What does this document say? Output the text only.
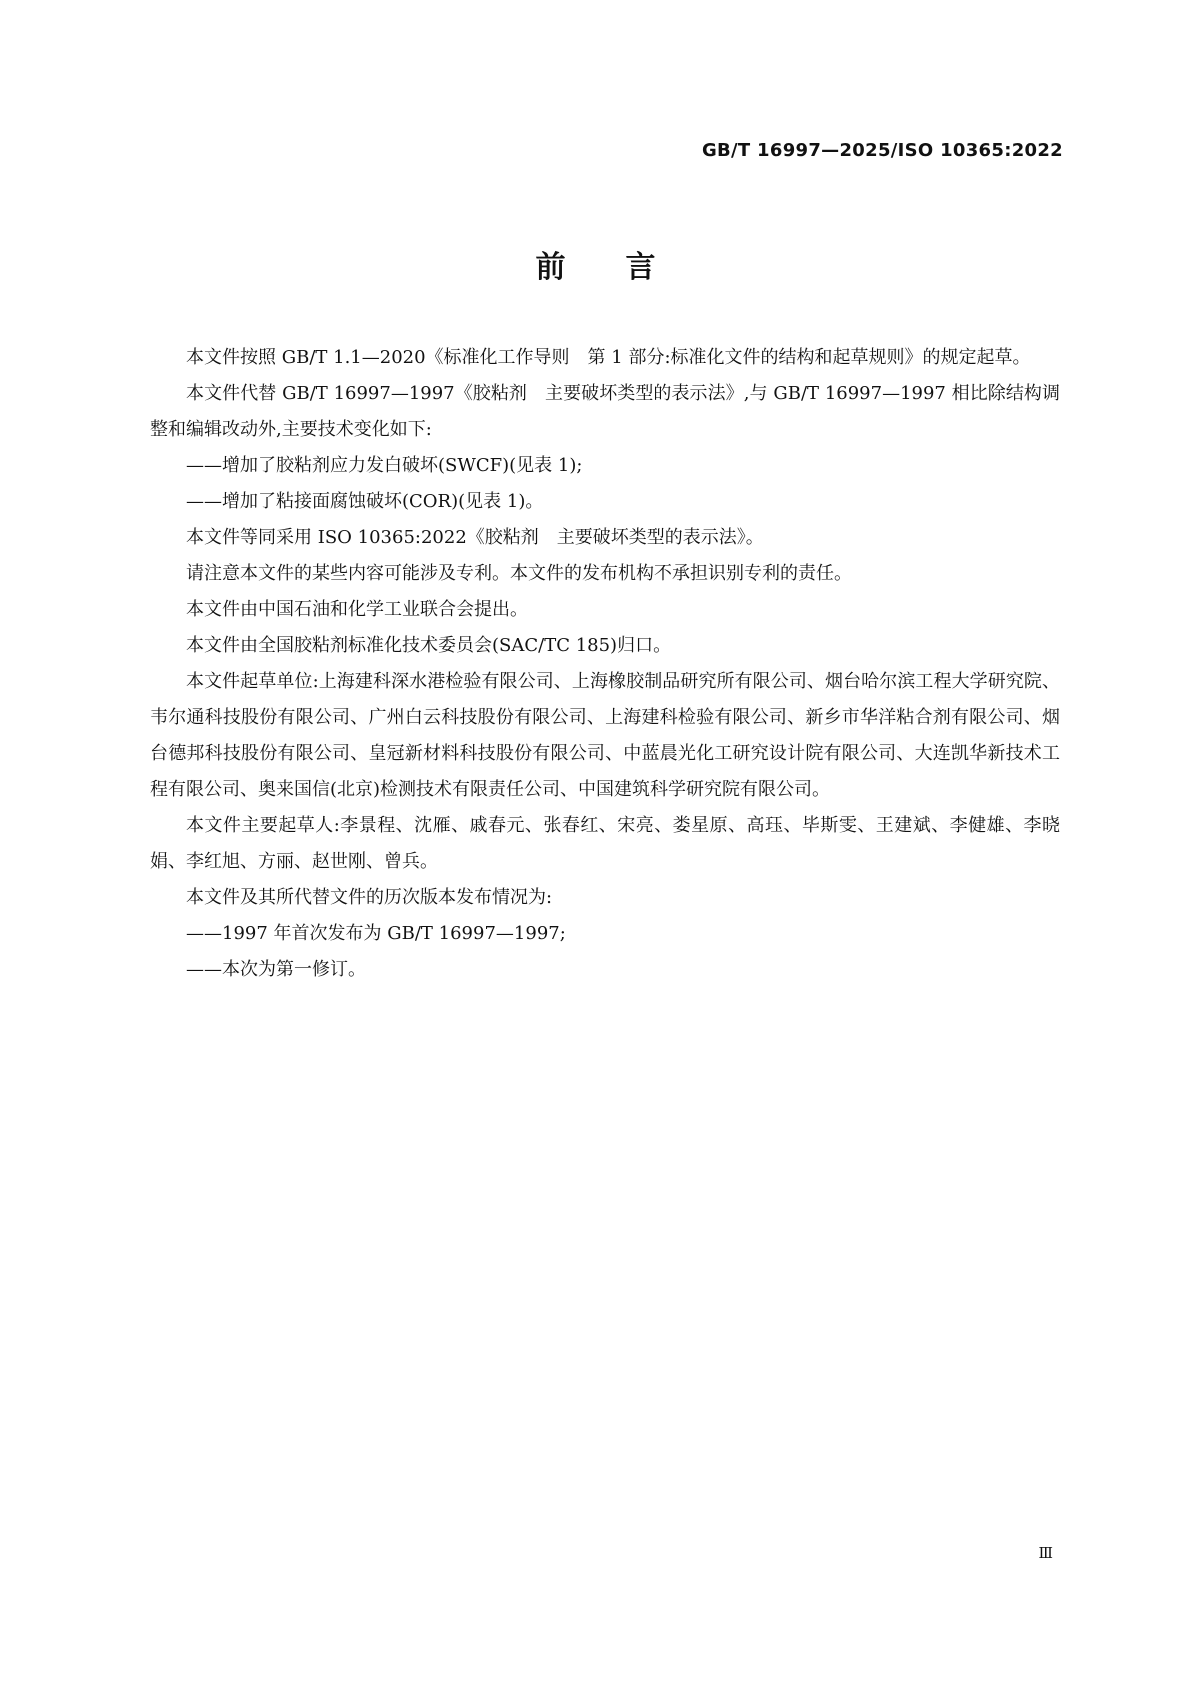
GB/T 16997—2025/ISO 10365:2022
前 言

本文件按照 GB/T 1.1—2020《标准化工作导则　第 1 部分:标准化文件的结构和起草规则》的规定起草。

本文件代替 GB/T 16997—1997《胶粘剂　主要破坏类型的表示法》,与 GB/T 16997—1997 相比除结构调整和编辑改动外,主要技术变化如下:

——增加了胶粘剂应力发白破坏(SWCF)(见表 1);

——增加了粘接面腐蚀破坏(COR)(见表 1)。

本文件等同采用 ISO 10365:2022《胶粘剂　主要破坏类型的表示法》。

请注意本文件的某些内容可能涉及专利。本文件的发布机构不承担识别专利的责任。

本文件由中国石油和化学工业联合会提出。

本文件由全国胶粘剂标准化技术委员会(SAC/TC 185)归口。

本文件起草单位:上海建科深水港检验有限公司、上海橡胶制品研究所有限公司、烟台哈尔滨工程大学研究院、韦尔通科技股份有限公司、广州白云科技股份有限公司、上海建科检验有限公司、新乡市华洋粘合剂有限公司、烟台德邦科技股份有限公司、皇冠新材料科技股份有限公司、中蓝晨光化工研究设计院有限公司、大连凯华新技术工程有限公司、奥来国信(北京)检测技术有限责任公司、中国建筑科学研究院有限公司。

本文件主要起草人:李景程、沈雁、戚春元、张春红、宋亮、娄星原、高珏、毕斯雯、王建斌、李健雄、李晓娟、李红旭、方丽、赵世刚、曾兵。

本文件及其所代替文件的历次版本发布情况为:

——1997 年首次发布为 GB/T 16997—1997;

——本次为第一修订。

Ⅲ
